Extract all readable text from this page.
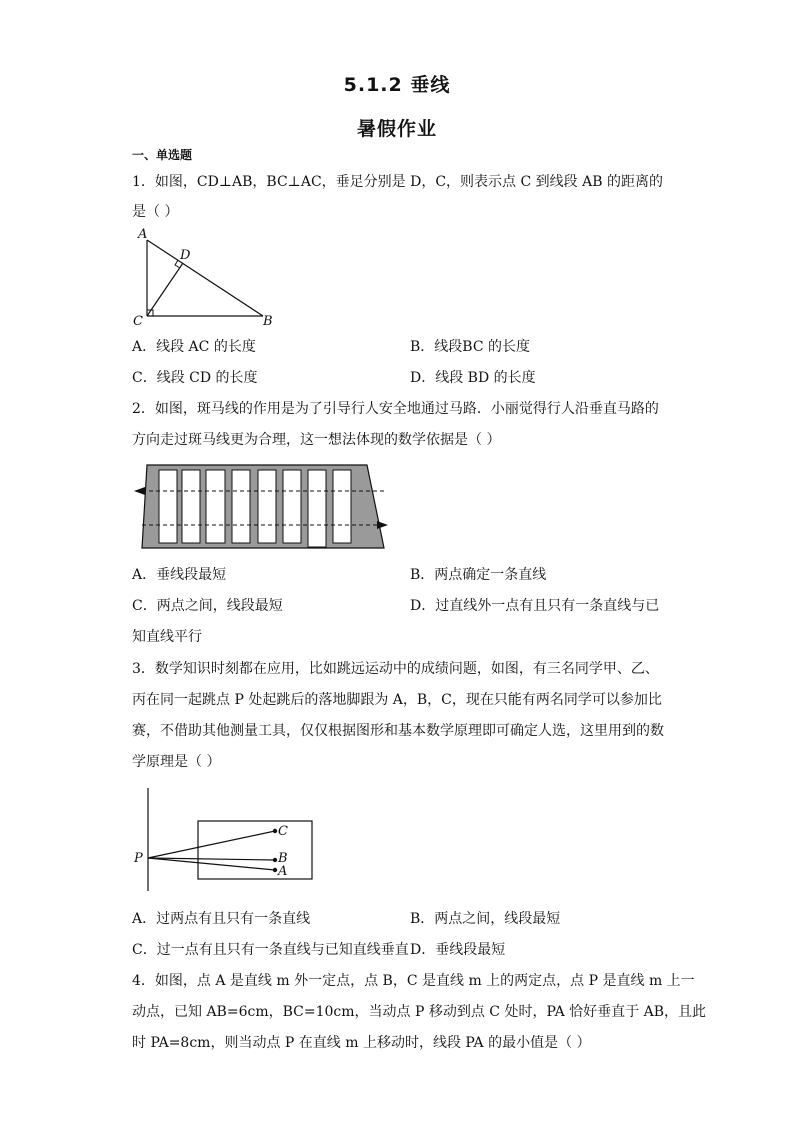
5.1.2 垂线
暑假作业
一、单选题
1．如图，CD⊥AB，BC⊥AC，垂足分别是 D，C，则表示点 C 到线段 AB 的距离的
是（ ）
A
D
C	B
A．线段 AC 的长度	B．线段BC 的长度
C．线段 CD 的长度	D．线段 BD 的长度
2．如图，斑马线的作用是为了引导行人安全地通过马路．小丽觉得行人沿垂直马路的
方向走过斑马线更为合理，这一想法体现的数学依据是（ ）
A．垂线段最短	B．两点确定一条直线
C．两点之间，线段最短	D．过直线外一点有且只有一条直线与已
知直线平行
3．数学知识时刻都在应用，比如跳远运动中的成绩问题，如图，有三名同学甲、乙、
丙在同一起跳点 P 处起跳后的落地脚跟为 A，B，C，现在只能有两名同学可以参加比
赛，不借助其他测量工具，仅仅根据图形和基本数学原理即可确定人选，这里用到的数
学原理是（ ）
P
C
B
A
A．过两点有且只有一条直线	B．两点之间，线段最短
C．过一点有且只有一条直线与已知直线垂直 D．垂线段最短
4．如图，点 A 是直线 m 外一定点，点 B，C 是直线 m 上的两定点，点 P 是直线 m 上一
动点，已知 AB=6cm，BC=10cm，当动点 P 移动到点 C 处时，PA 恰好垂直于 AB，且此
时 PA=8cm，则当动点 P 在直线 m 上移动时，线段 PA 的最小值是（ ）
